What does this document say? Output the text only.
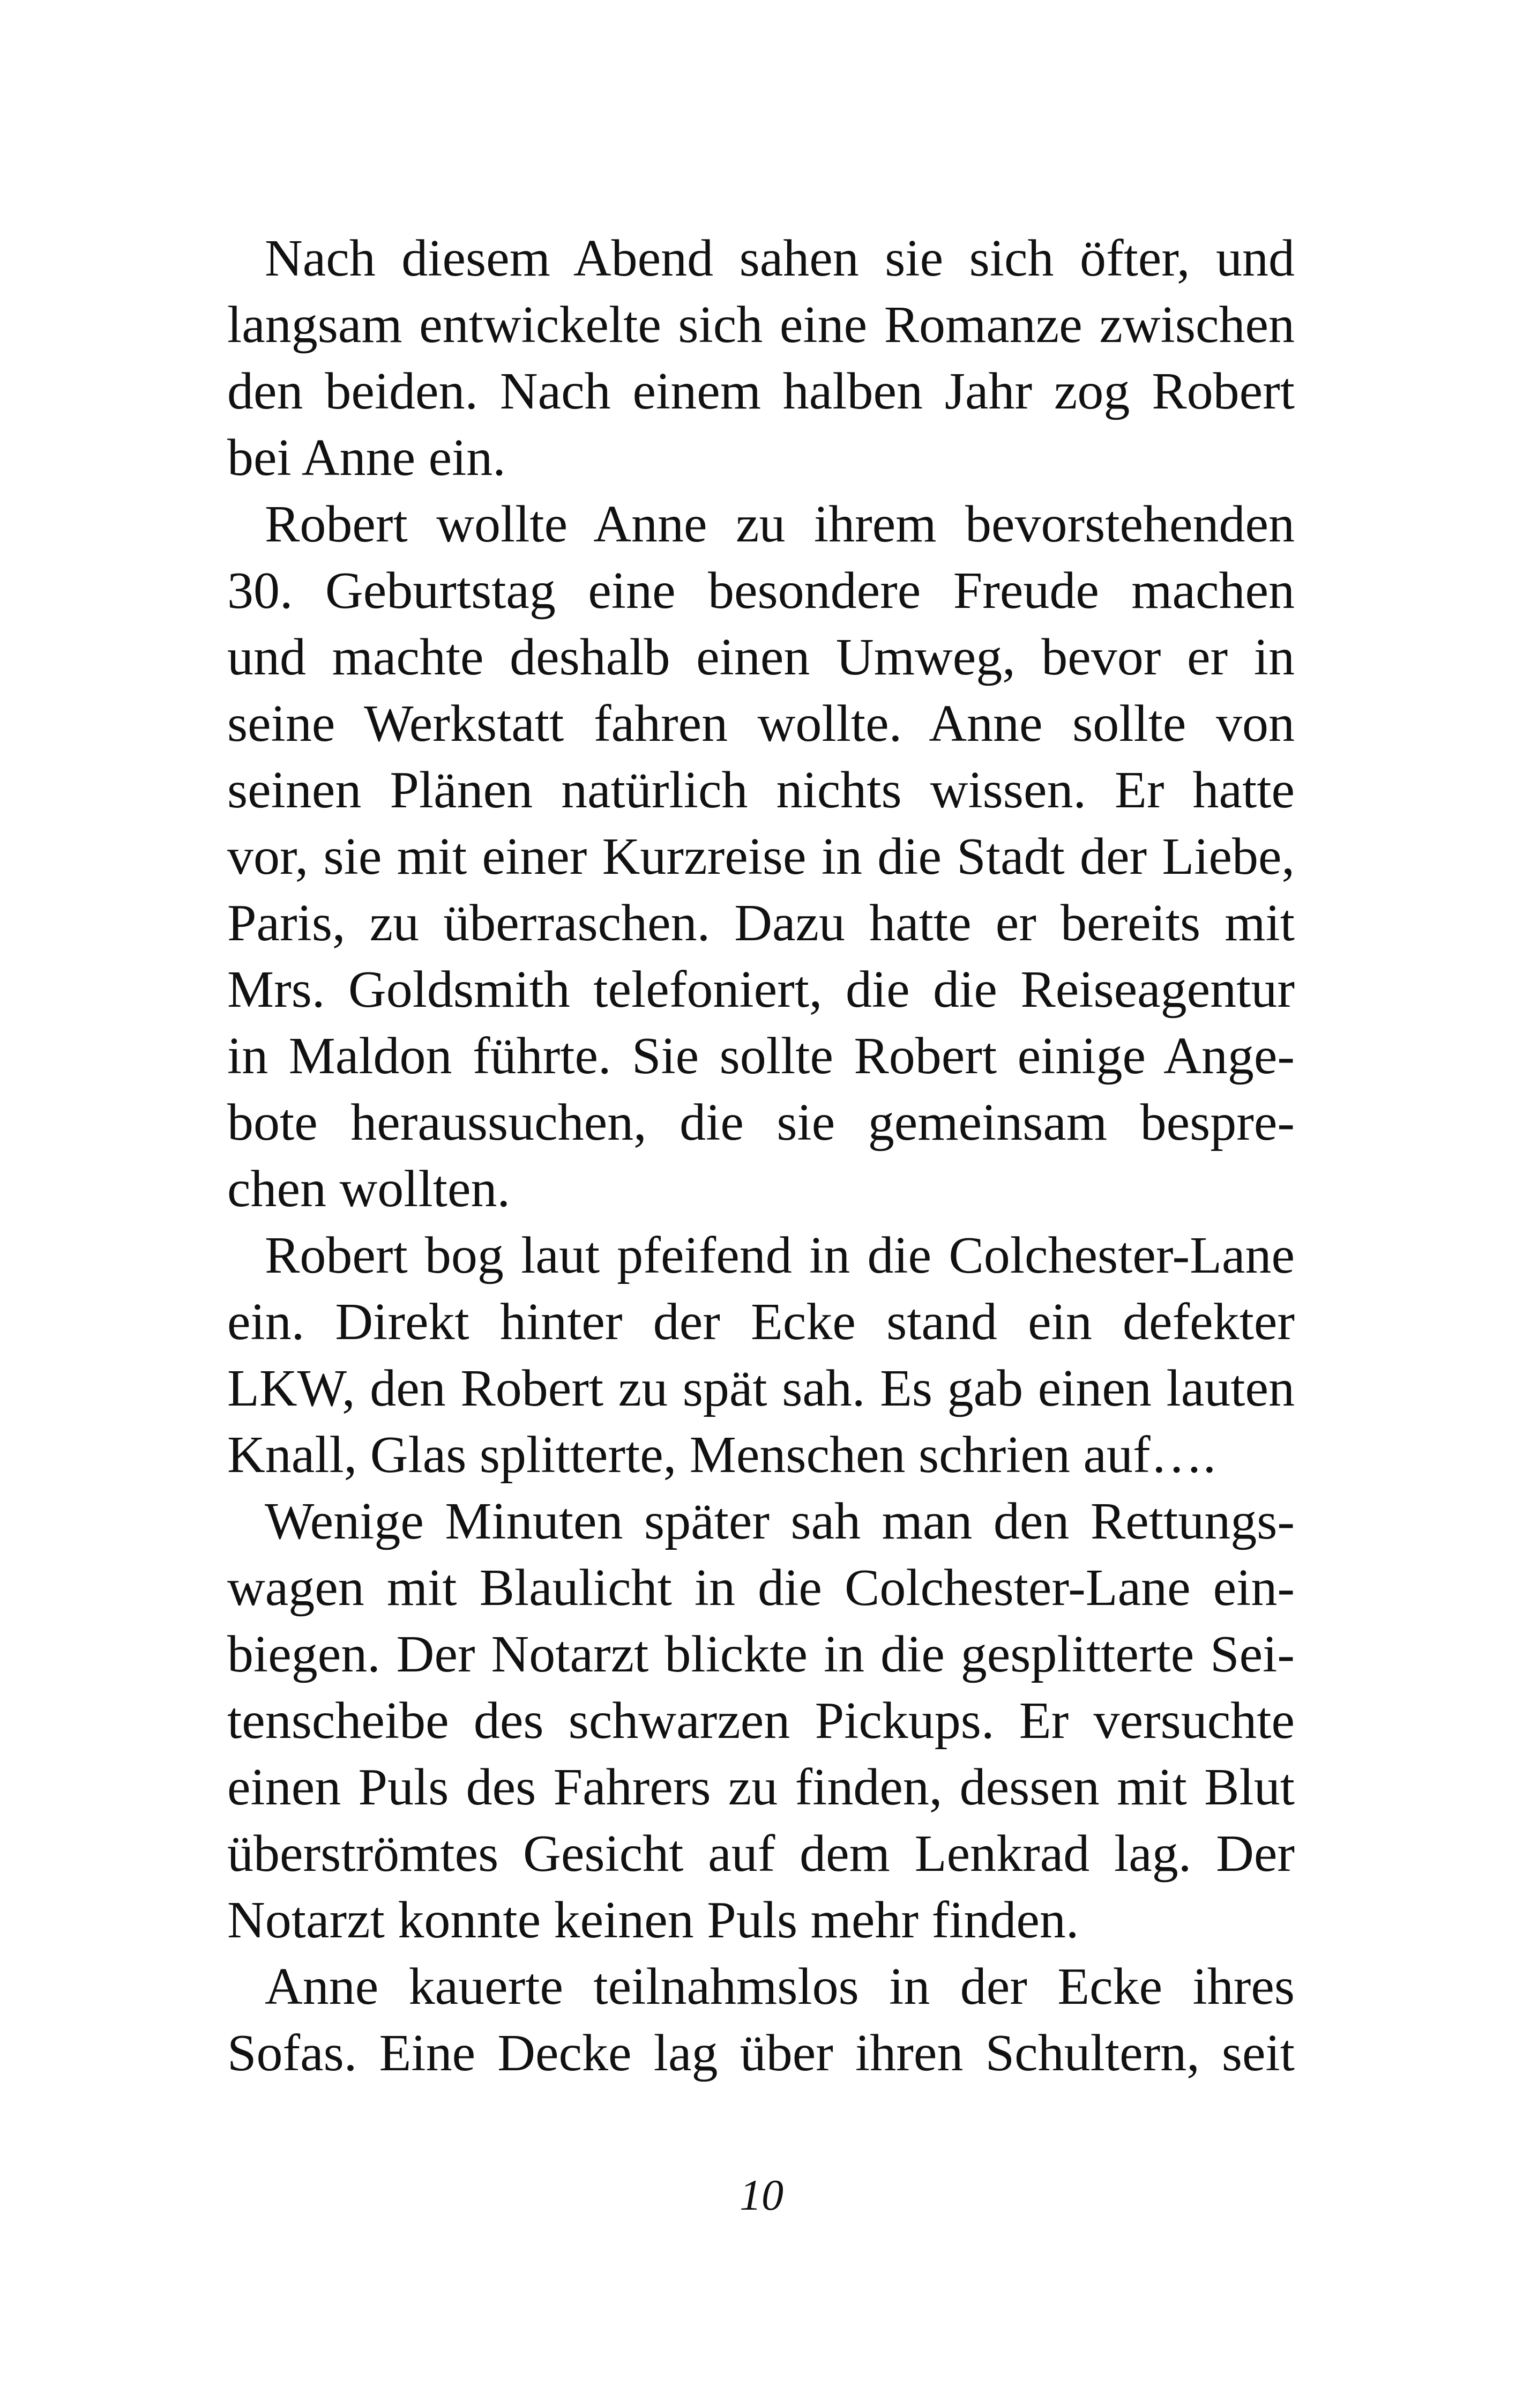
Nach diesem Abend sahen sie sich öfter, und
langsam entwickelte sich eine Romanze zwischen
den beiden. Nach einem halben Jahr zog Robert
bei Anne ein.
Robert wollte Anne zu ihrem bevorstehenden
30. Geburtstag eine besondere Freude machen
und machte deshalb einen Umweg, bevor er in
seine Werkstatt fahren wollte. Anne sollte von
seinen Plänen natürlich nichts wissen. Er hatte
vor, sie mit einer Kurzreise in die Stadt der Liebe,
Paris, zu überraschen. Dazu hatte er bereits mit
Mrs. Goldsmith telefoniert, die die Reiseagentur
in Maldon führte. Sie sollte Robert einige Ange-
bote heraussuchen, die sie gemeinsam bespre-
chen wollten.
Robert bog laut pfeifend in die Colchester-Lane
ein. Direkt hinter der Ecke stand ein defekter
LKW, den Robert zu spät sah. Es gab einen lauten
Knall, Glas splitterte, Menschen schrien auf….
Wenige Minuten später sah man den Rettungs-
wagen mit Blaulicht in die Colchester-Lane ein-
biegen. Der Notarzt blickte in die gesplitterte Sei-
tenscheibe des schwarzen Pickups. Er versuchte
einen Puls des Fahrers zu finden, dessen mit Blut
überströmtes Gesicht auf dem Lenkrad lag. Der
Notarzt konnte keinen Puls mehr finden.
Anne kauerte teilnahmslos in der Ecke ihres
Sofas. Eine Decke lag über ihren Schultern, seit
10
